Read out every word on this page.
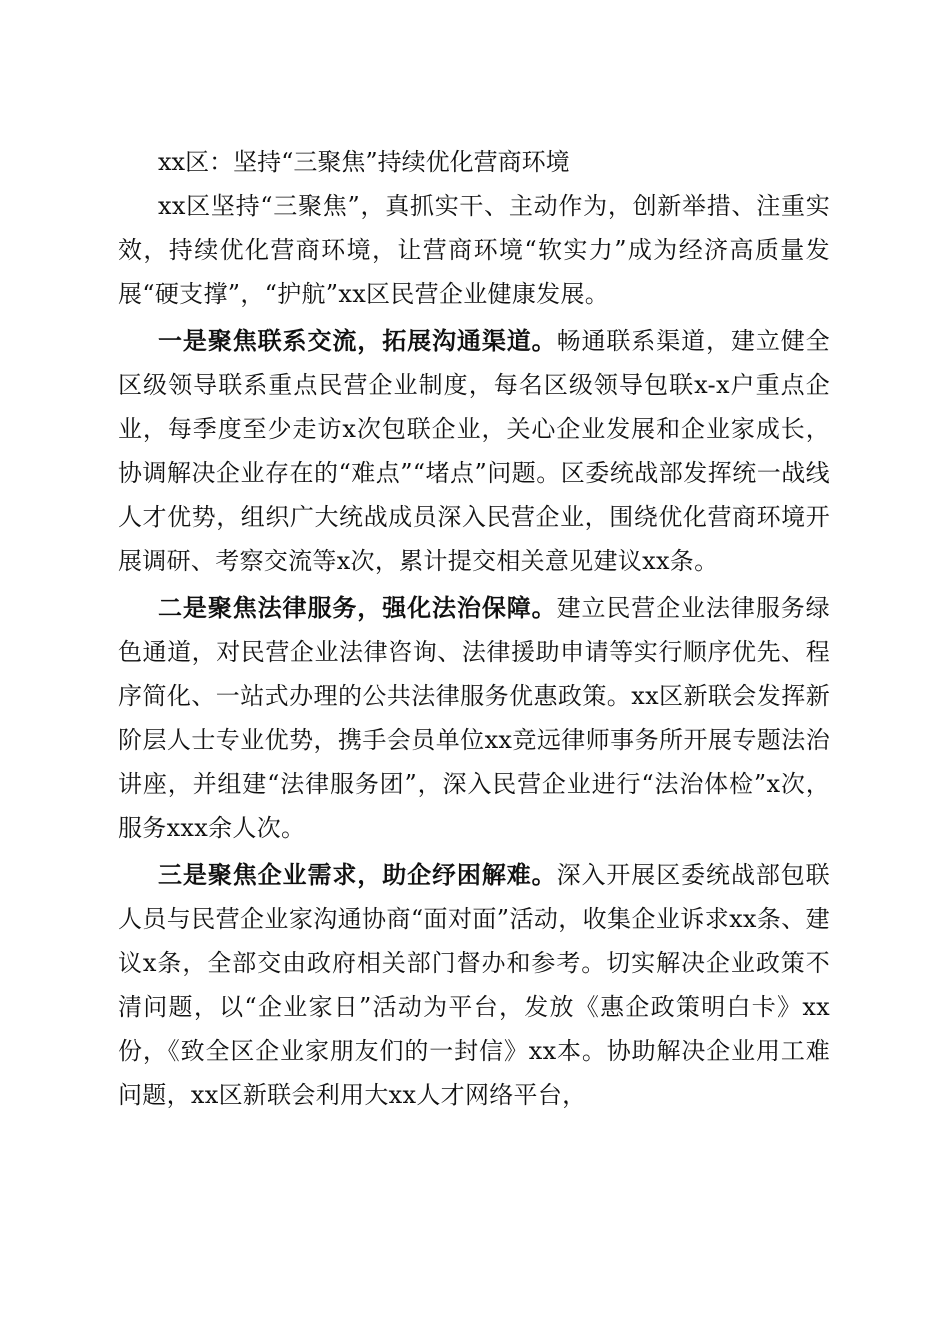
xx区：坚持“三聚焦”持续优化营商环境

xx区坚持“三聚焦”，真抓实干、主动作为，创新举措、注重实效，持续优化营商环境，让营商环境“软实力”成为经济高质量发展“硬支撑”，“护航”xx区民营企业健康发展。

一是聚焦联系交流，拓展沟通渠道。畅通联系渠道，建立健全区级领导联系重点民营企业制度，每名区级领导包联x-x户重点企业，每季度至少走访x次包联企业，关心企业发展和企业家成长，协调解决企业存在的“难点”“堵点”问题。区委统战部发挥统一战线人才优势，组织广大统战成员深入民营企业，围绕优化营商环境开展调研、考察交流等x次，累计提交相关意见建议xx条。

二是聚焦法律服务，强化法治保障。建立民营企业法律服务绿色通道，对民营企业法律咨询、法律援助申请等实行顺序优先、程序简化、一站式办理的公共法律服务优惠政策。xx区新联会发挥新阶层人士专业优势，携手会员单位xx竞远律师事务所开展专题法治讲座，并组建“法律服务团”，深入民营企业进行“法治体检”x次，服务xxx余人次。

三是聚焦企业需求，助企纾困解难。深入开展区委统战部包联人员与民营企业家沟通协商“面对面”活动，收集企业诉求xx条、建议x条，全部交由政府相关部门督办和参考。切实解决企业政策不清问题，以“企业家日”活动为平台，发放《惠企政策明白卡》xx份，《致全区企业家朋友们的一封信》xx本。协助解决企业用工难问题，xx区新联会利用大xx人才网络平台，
